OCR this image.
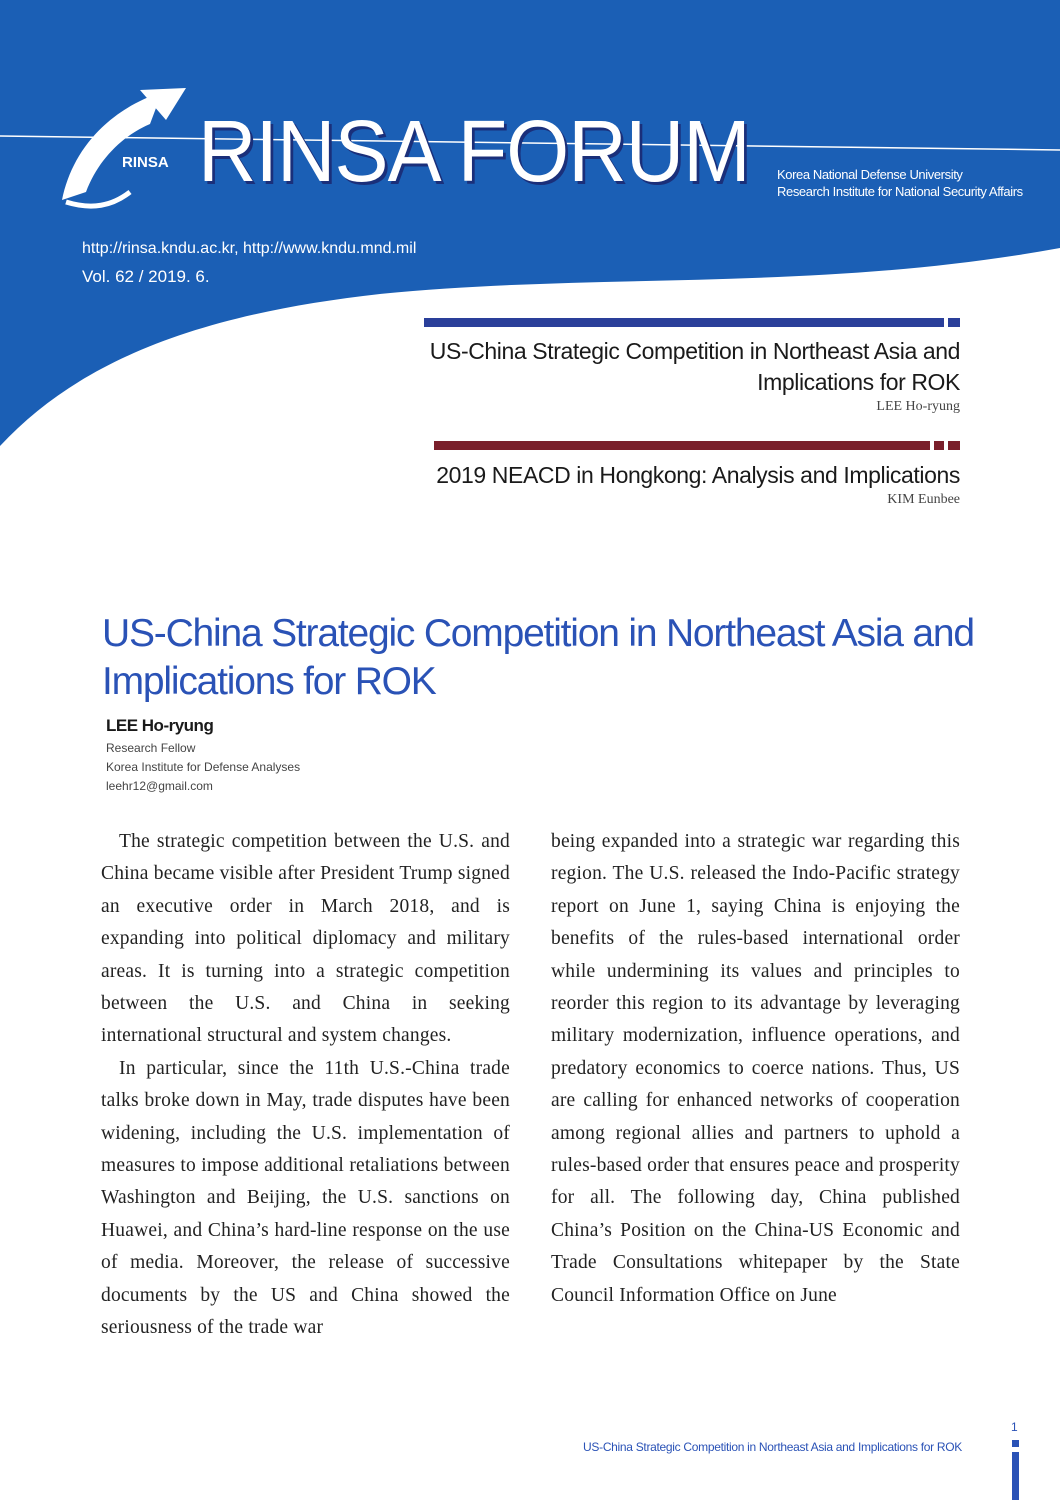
RINSA RINSA FORUM Korea National Defense University
Research Institute for National Security Affairs
http://rinsa.kndu.ac.kr, http://www.kndu.mnd.mil
Vol. 62 / 2019. 6.
US-China Strategic Competition in Northeast Asia and
Implications for ROK
LEE Ho-ryung
2019 NEACD in Hongkong: Analysis and Implications
KIM Eunbee
US-China Strategic Competition in Northeast Asia and
Implications for ROK
LEE Ho-ryung
Research Fellow
Korea Institute for Defense Analyses
leehr12@gmail.com

The strategic competition between the U.S. and China became visible after President Trump signed an executive order in March 2018, and is expanding into political diplomacy and military areas. It is turning into a strategic competition between the U.S. and China in seeking international structural and system changes.

In particular, since the 11th U.S.-China trade talks broke down in May, trade disputes have been widening, including the U.S. implementation of measures to impose additional retaliations between Washington and Beijing, the U.S. sanctions on Huawei, and China’s hard-line response on the use of media. Moreover, the release of successive documents by the US and China showed the seriousness of the trade war

being expanded into a strategic war regarding this region. The U.S. released the Indo-Pacific strategy report on June 1, saying China is enjoying the benefits of the rules-based international order while undermining its values and principles to reorder this region to its advantage by leveraging military modernization, influence operations, and predatory economics to coerce nations. Thus, US are calling for enhanced networks of cooperation among regional allies and partners to uphold a rules-based order that ensures peace and prosperity for all. The following day, China published China’s Position on the China-US Economic and Trade Consultations whitepaper by the State Council Information Office on June

1
US-China Strategic Competition in Northeast Asia and Implications for ROK
